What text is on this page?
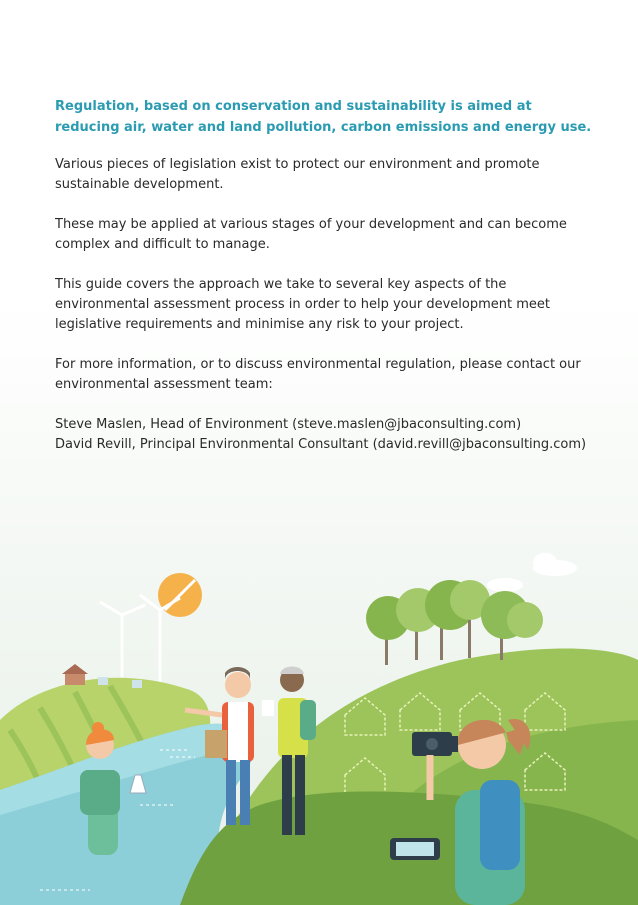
Regulation, based on conservation and sustainability is aimed at reducing air, water and land pollution, carbon emissions and energy use.

Various pieces of legislation exist to protect our environment and promote sustainable development.

These may be applied at various stages of your development and can become complex and difficult to manage.

This guide covers the approach we take to several key aspects of the environmental assessment process in order to help your development meet legislative requirements and minimise any risk to your project.

For more information, or to discuss environmental regulation, please contact our environmental assessment team:

Steve Maslen, Head of Environment (steve.maslen@jbaconsulting.com)
David Revill, Principal Environmental Consultant (david.revill@jbaconsulting.com)
